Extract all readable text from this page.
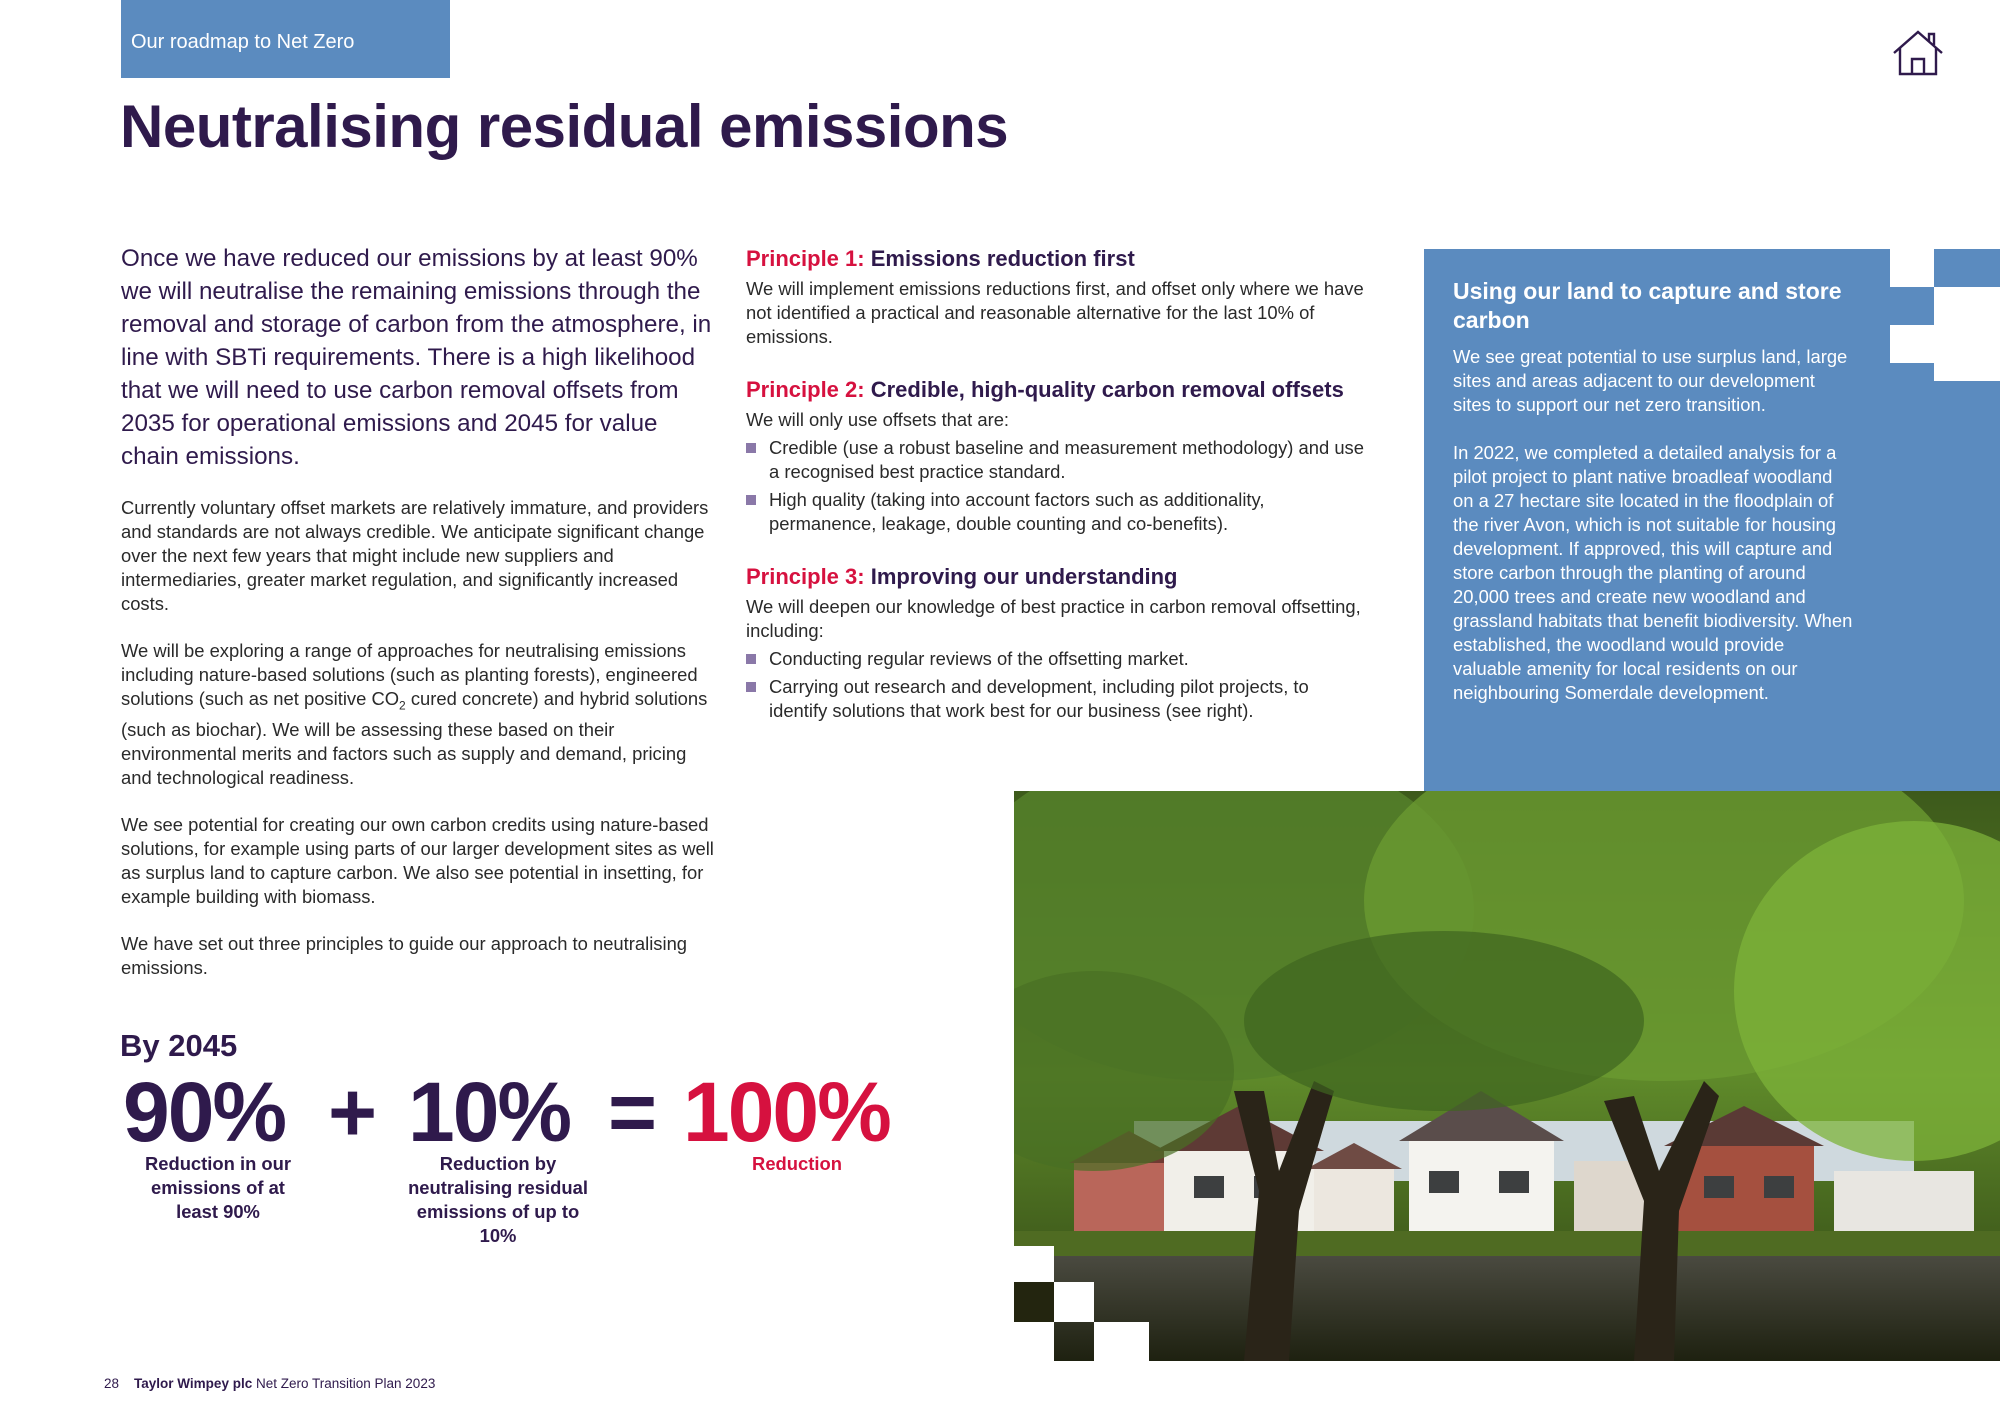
Our roadmap to Net Zero
Neutralising residual emissions

Once we have reduced our emissions by at least 90% we will neutralise the remaining emissions through the removal and storage of carbon from the atmosphere, in line with SBTi requirements. There is a high likelihood that we will need to use carbon removal offsets from 2035 for operational emissions and 2045 for value chain emissions.

Currently voluntary offset markets are relatively immature, and providers and standards are not always credible. We anticipate significant change over the next few years that might include new suppliers and intermediaries, greater market regulation, and significantly increased costs.

We will be exploring a range of approaches for neutralising emissions including nature-based solutions (such as planting forests), engineered solutions (such as net positive $CO_2$ cured concrete) and hybrid solutions (such as biochar). We will be assessing these based on their environmental merits and factors such as supply and demand, pricing and technological readiness.

We see potential for creating our own carbon credits using nature-based solutions, for example using parts of our larger development sites as well as surplus land to capture carbon. We also see potential in insetting, for example building with biomass.

We have set out three principles to guide our approach to neutralising emissions.

Principle 1: Emissions reduction first

We will implement emissions reductions first, and offset only where we have not identified a practical and reasonable alternative for the last 10% of emissions.

Principle 2: Credible, high-quality carbon removal offsets

We will only use offsets that are:

Credible (use a robust baseline and measurement methodology) and use a recognised best practice standard.
High quality (taking into account factors such as additionality, permanence, leakage, double counting and co-benefits).
Principle 3: Improving our understanding

We will deepen our knowledge of best practice in carbon removal offsetting, including:

Conducting regular reviews of the offsetting market.
Carrying out research and development, including pilot projects, to identify solutions that work best for our business (see right).
Using our land to capture and store carbon

We see great potential to use surplus land, large sites and areas adjacent to our development sites to support our net zero transition.

In 2022, we completed a detailed analysis for a pilot project to plant native broadleaf woodland on a 27 hectare site located in the floodplain of the river Avon, which is not suitable for housing development. If approved, this will capture and store carbon through the planting of around 20,000 trees and create new woodland and grassland habitats that benefit biodiversity. When established, the woodland would provide valuable amenity for local residents on our neighbouring Somerdale development.

By 2045
90% + 10% = 100%
Reduction in our emissions of at least 90%
Reduction by neutralising residual emissions of up to 10%
Reduction
28 Taylor Wimpey plc Net Zero Transition Plan 2023
